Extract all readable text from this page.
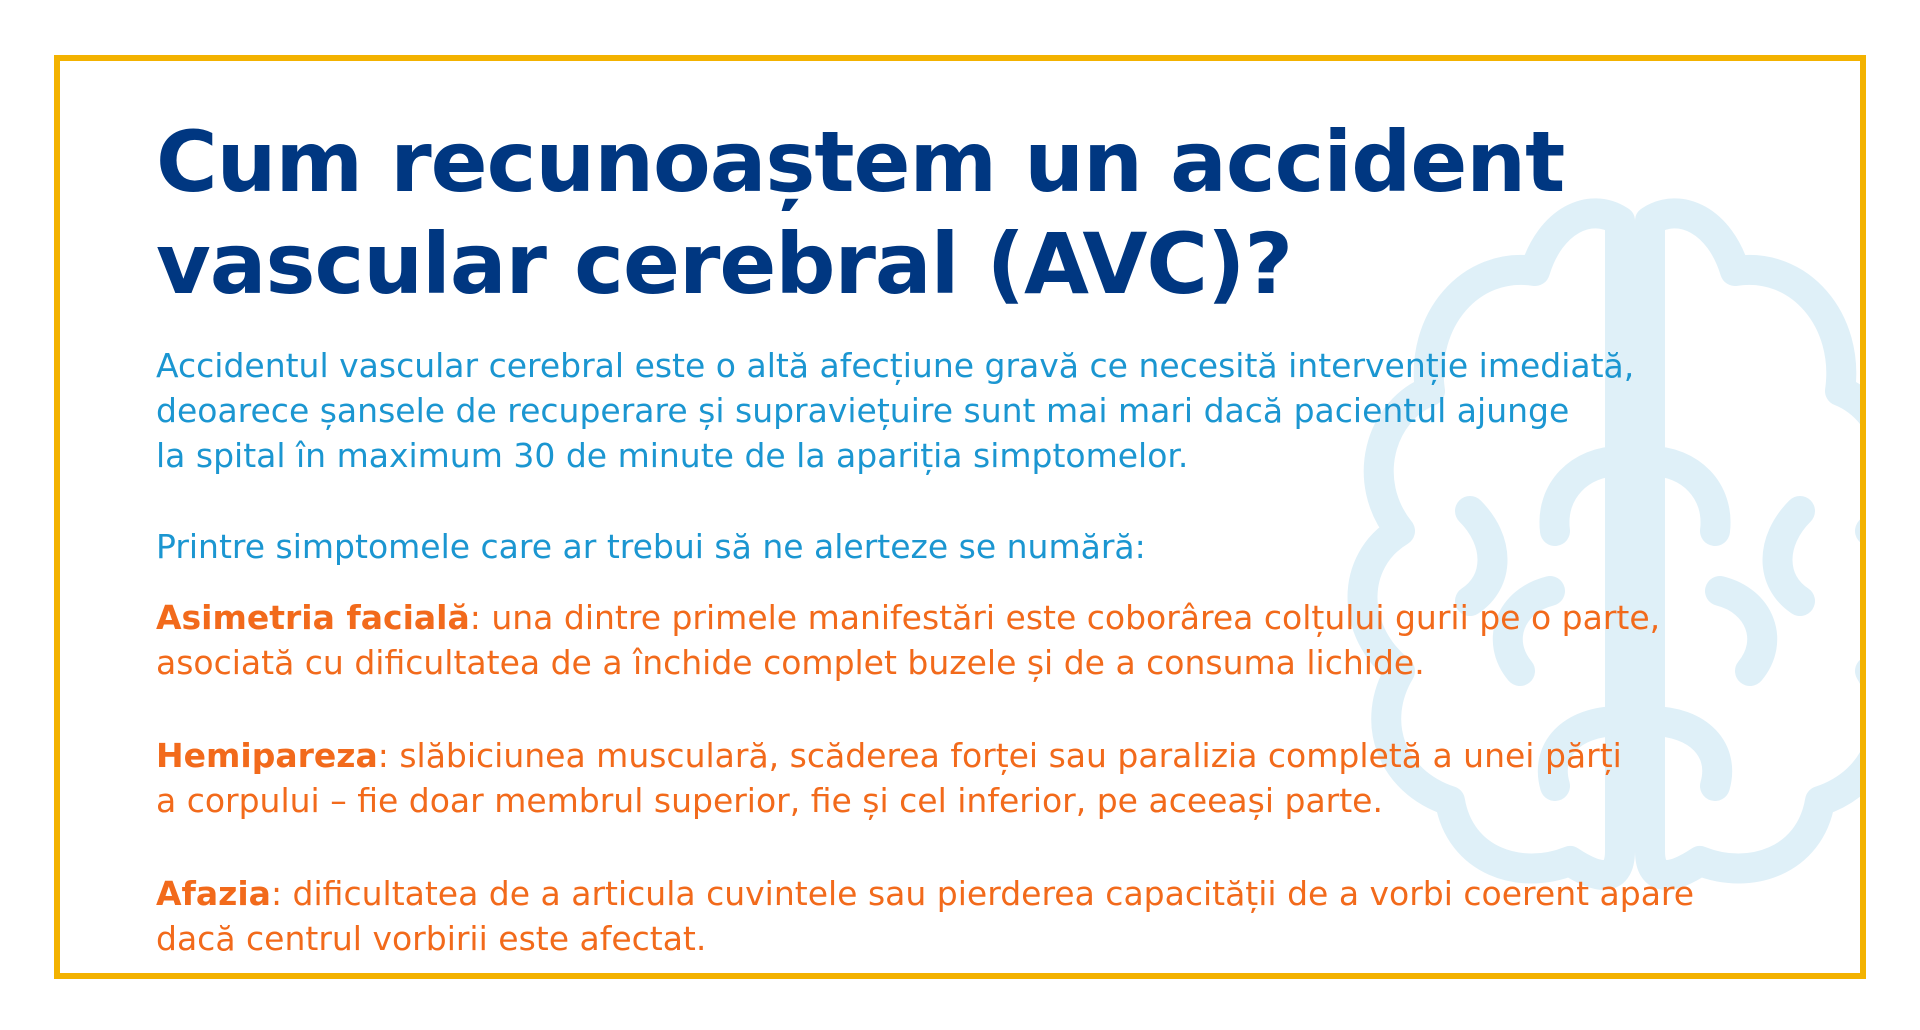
Cum recunoaștem un accident
vascular cerebral (AVC)?

Accidentul vascular cerebral este o altă afecțiune gravă ce necesită intervenție imediată,
deoarece șansele de recuperare și supraviețuire sunt mai mari dacă pacientul ajunge
la spital în maximum 30 de minute de la apariția simptomelor.

Printre simptomele care ar trebui să ne alerteze se numără:

Asimetria facială: una dintre primele manifestări este coborârea colțului gurii pe o parte,
asociată cu dificultatea de a închide complet buzele și de a consuma lichide.

Hemipareza: slăbiciunea musculară, scăderea forței sau paralizia completă a unei părți
a corpului – fie doar membrul superior, fie și cel inferior, pe aceeași parte.

Afazia: dificultatea de a articula cuvintele sau pierderea capacității de a vorbi coerent apare
dacă centrul vorbirii este afectat.
